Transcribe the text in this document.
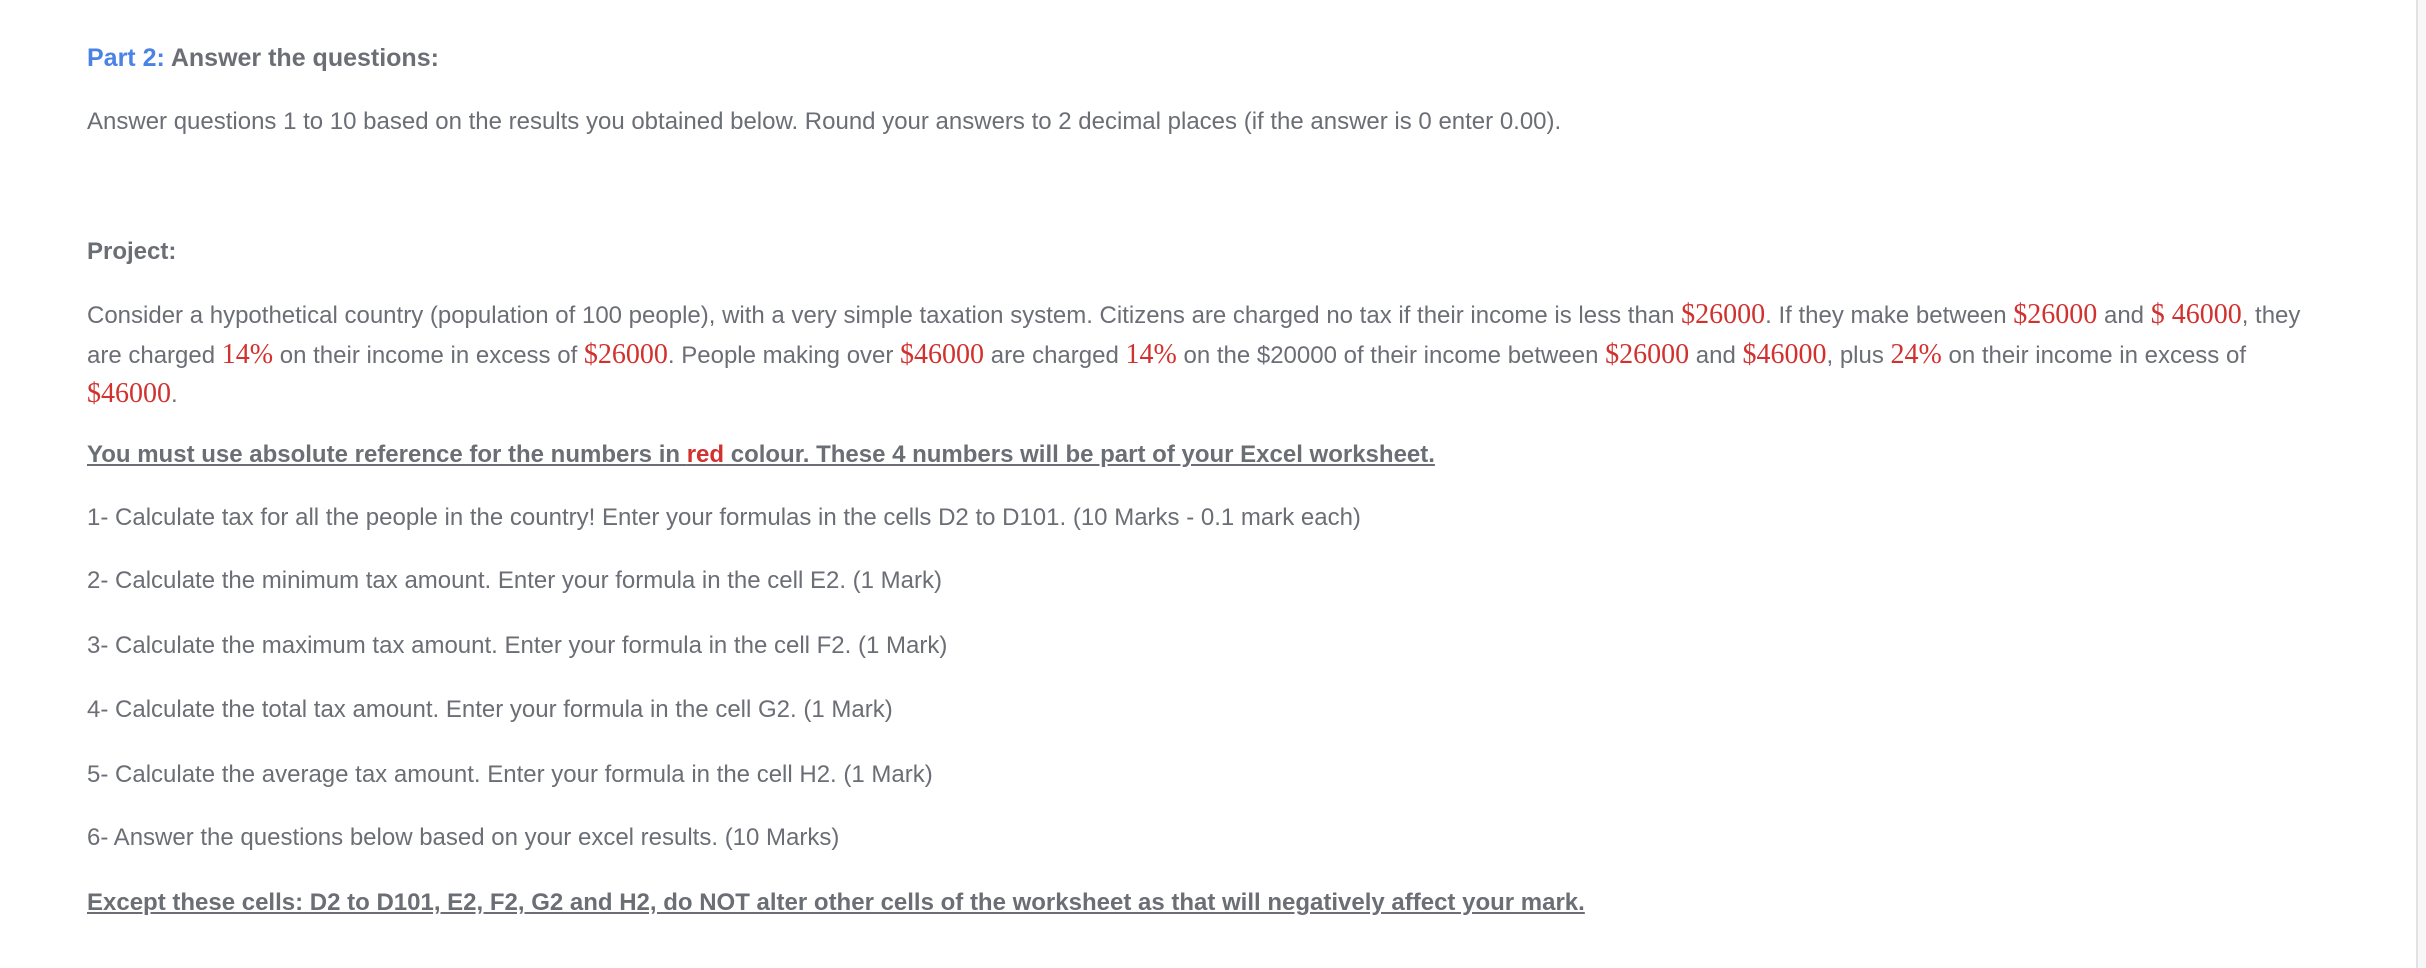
Part 2: Answer the questions:
Answer questions 1 to 10 based on the results you obtained below. Round your answers to 2 decimal places (if the answer is 0 enter 0.00).
Project:
Consider a hypothetical country (population of 100 people), with a very simple taxation system. Citizens are charged no tax if their income is less than $26000. If they make between $26000 and $ 46000, they are charged 14% on their income in excess of $26000. People making over $46000 are charged 14% on the $20000 of their income between $26000 and $46000, plus 24% on their income in excess of $46000.
You must use absolute reference for the numbers in red colour. These 4 numbers will be part of your Excel worksheet.
1- Calculate tax for all the people in the country! Enter your formulas in the cells D2 to D101. (10 Marks - 0.1 mark each)
2- Calculate the minimum tax amount. Enter your formula in the cell E2. (1 Mark)
3- Calculate the maximum tax amount. Enter your formula in the cell F2. (1 Mark)
4- Calculate the total tax amount. Enter your formula in the cell G2. (1 Mark)
5- Calculate the average tax amount. Enter your formula in the cell H2. (1 Mark)
6- Answer the questions below based on your excel results. (10 Marks)
Except these cells: D2 to D101, E2, F2, G2 and H2, do NOT alter other cells of the worksheet as that will negatively affect your mark.
